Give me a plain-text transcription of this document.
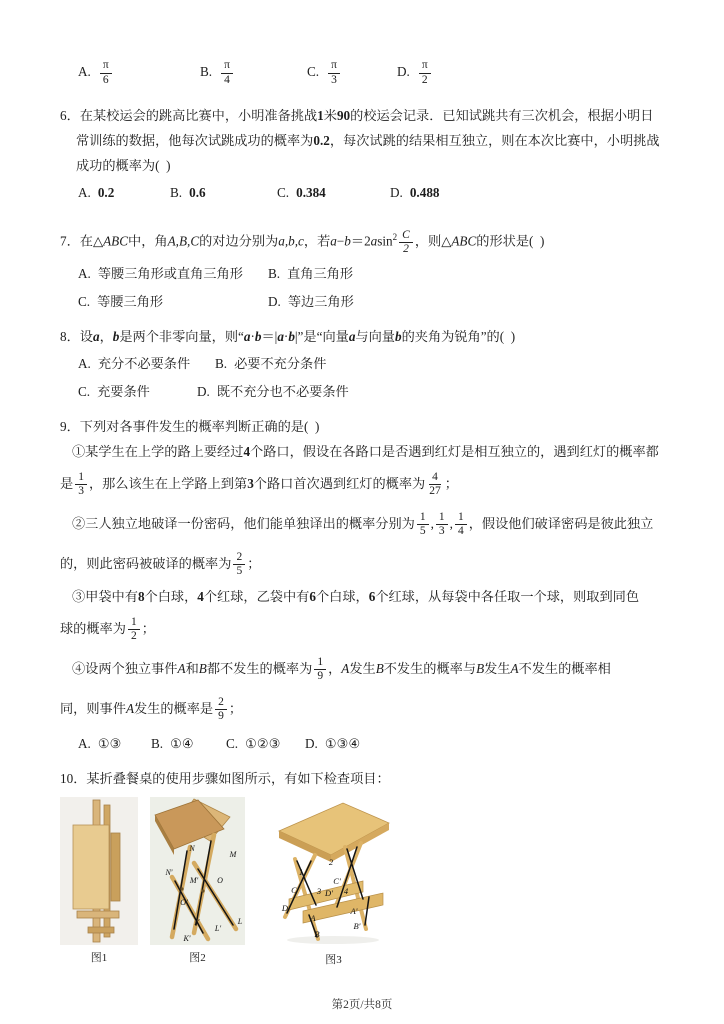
A. $\frac{\pi}{6}$	B. $\frac{\pi}{4}$	C. $\frac{\pi}{3}$	D. $\frac{\pi}{2}$
6．在某校运会的跳高比赛中，小明准备挑战1米90的校运会记录．已知试跳共有三次机会，根据小明日
常训练的数据，他每次试跳成功的概率为0.2，每次试跳的结果相互独立，则在本次比赛中，小明挑战
成功的概率为( )
A. 0.2	B. 0.6	C. 0.384	D. 0.488
7．在△ABC中，角A,B,C的对边分别为a,b,c，若$a-b=2asin^2 \frac{C}{2}$ ，则△ABC的形状是( )
A. 等腰三角形或直角三角形	B. 直角三角形
C. 等腰三角形	D. 等边三角形
8．设a，b是两个非零向量，则“a·b＝|a·b|”是“向量a与向量b的夹角为锐角”的( )
A. 充分不必要条件	B. 必要不充分条件
C. 充要条件	D. 既不充分也不必要条件
9．下列对各事件发生的概率判断正确的是( )
①某学生在上学的路上要经过4个路口，假设在各路口是否遇到红灯是相互独立的，遇到红灯的概率都
是 $\frac{1}{3}$ ，那么该生在上学路上到第3个路口首次遇到红灯的概率为 $\frac{4}{27}$ ；
②三人独立地破译一份密码，他们能单独译出的概率分别为 $\frac{1}{5}$ , $\frac{1}{3}$ , $\frac{1}{4}$ ，假设他们破译密码是彼此独立
的，则此密码被破译的概率为 $\frac{2}{5}$ ；
③甲袋中有8个白球，4个红球，乙袋中有6个白球，6个红球，从每袋中各任取一个球，则取到同色
球的概率为 $\frac{1}{2}$ ；
④设两个独立事件A和B都不发生的概率为 $\frac{1}{9}$ ，A发生B不发生的概率与B发生A不发生的概率相
同，则事件A发生的概率是 $\frac{2}{9}$ ；
A. ①③	B. ①④	C. ①②③	D. ①③④
10．某折叠餐桌的使用步骤如图所示，有如下检查项目：
图1
N
M
N'
M' O
O'
K	L
L'
K'
图2
1
2
C
C'
3 D' 4
D
A
A'
B
B'
图3
第2页/共8页
